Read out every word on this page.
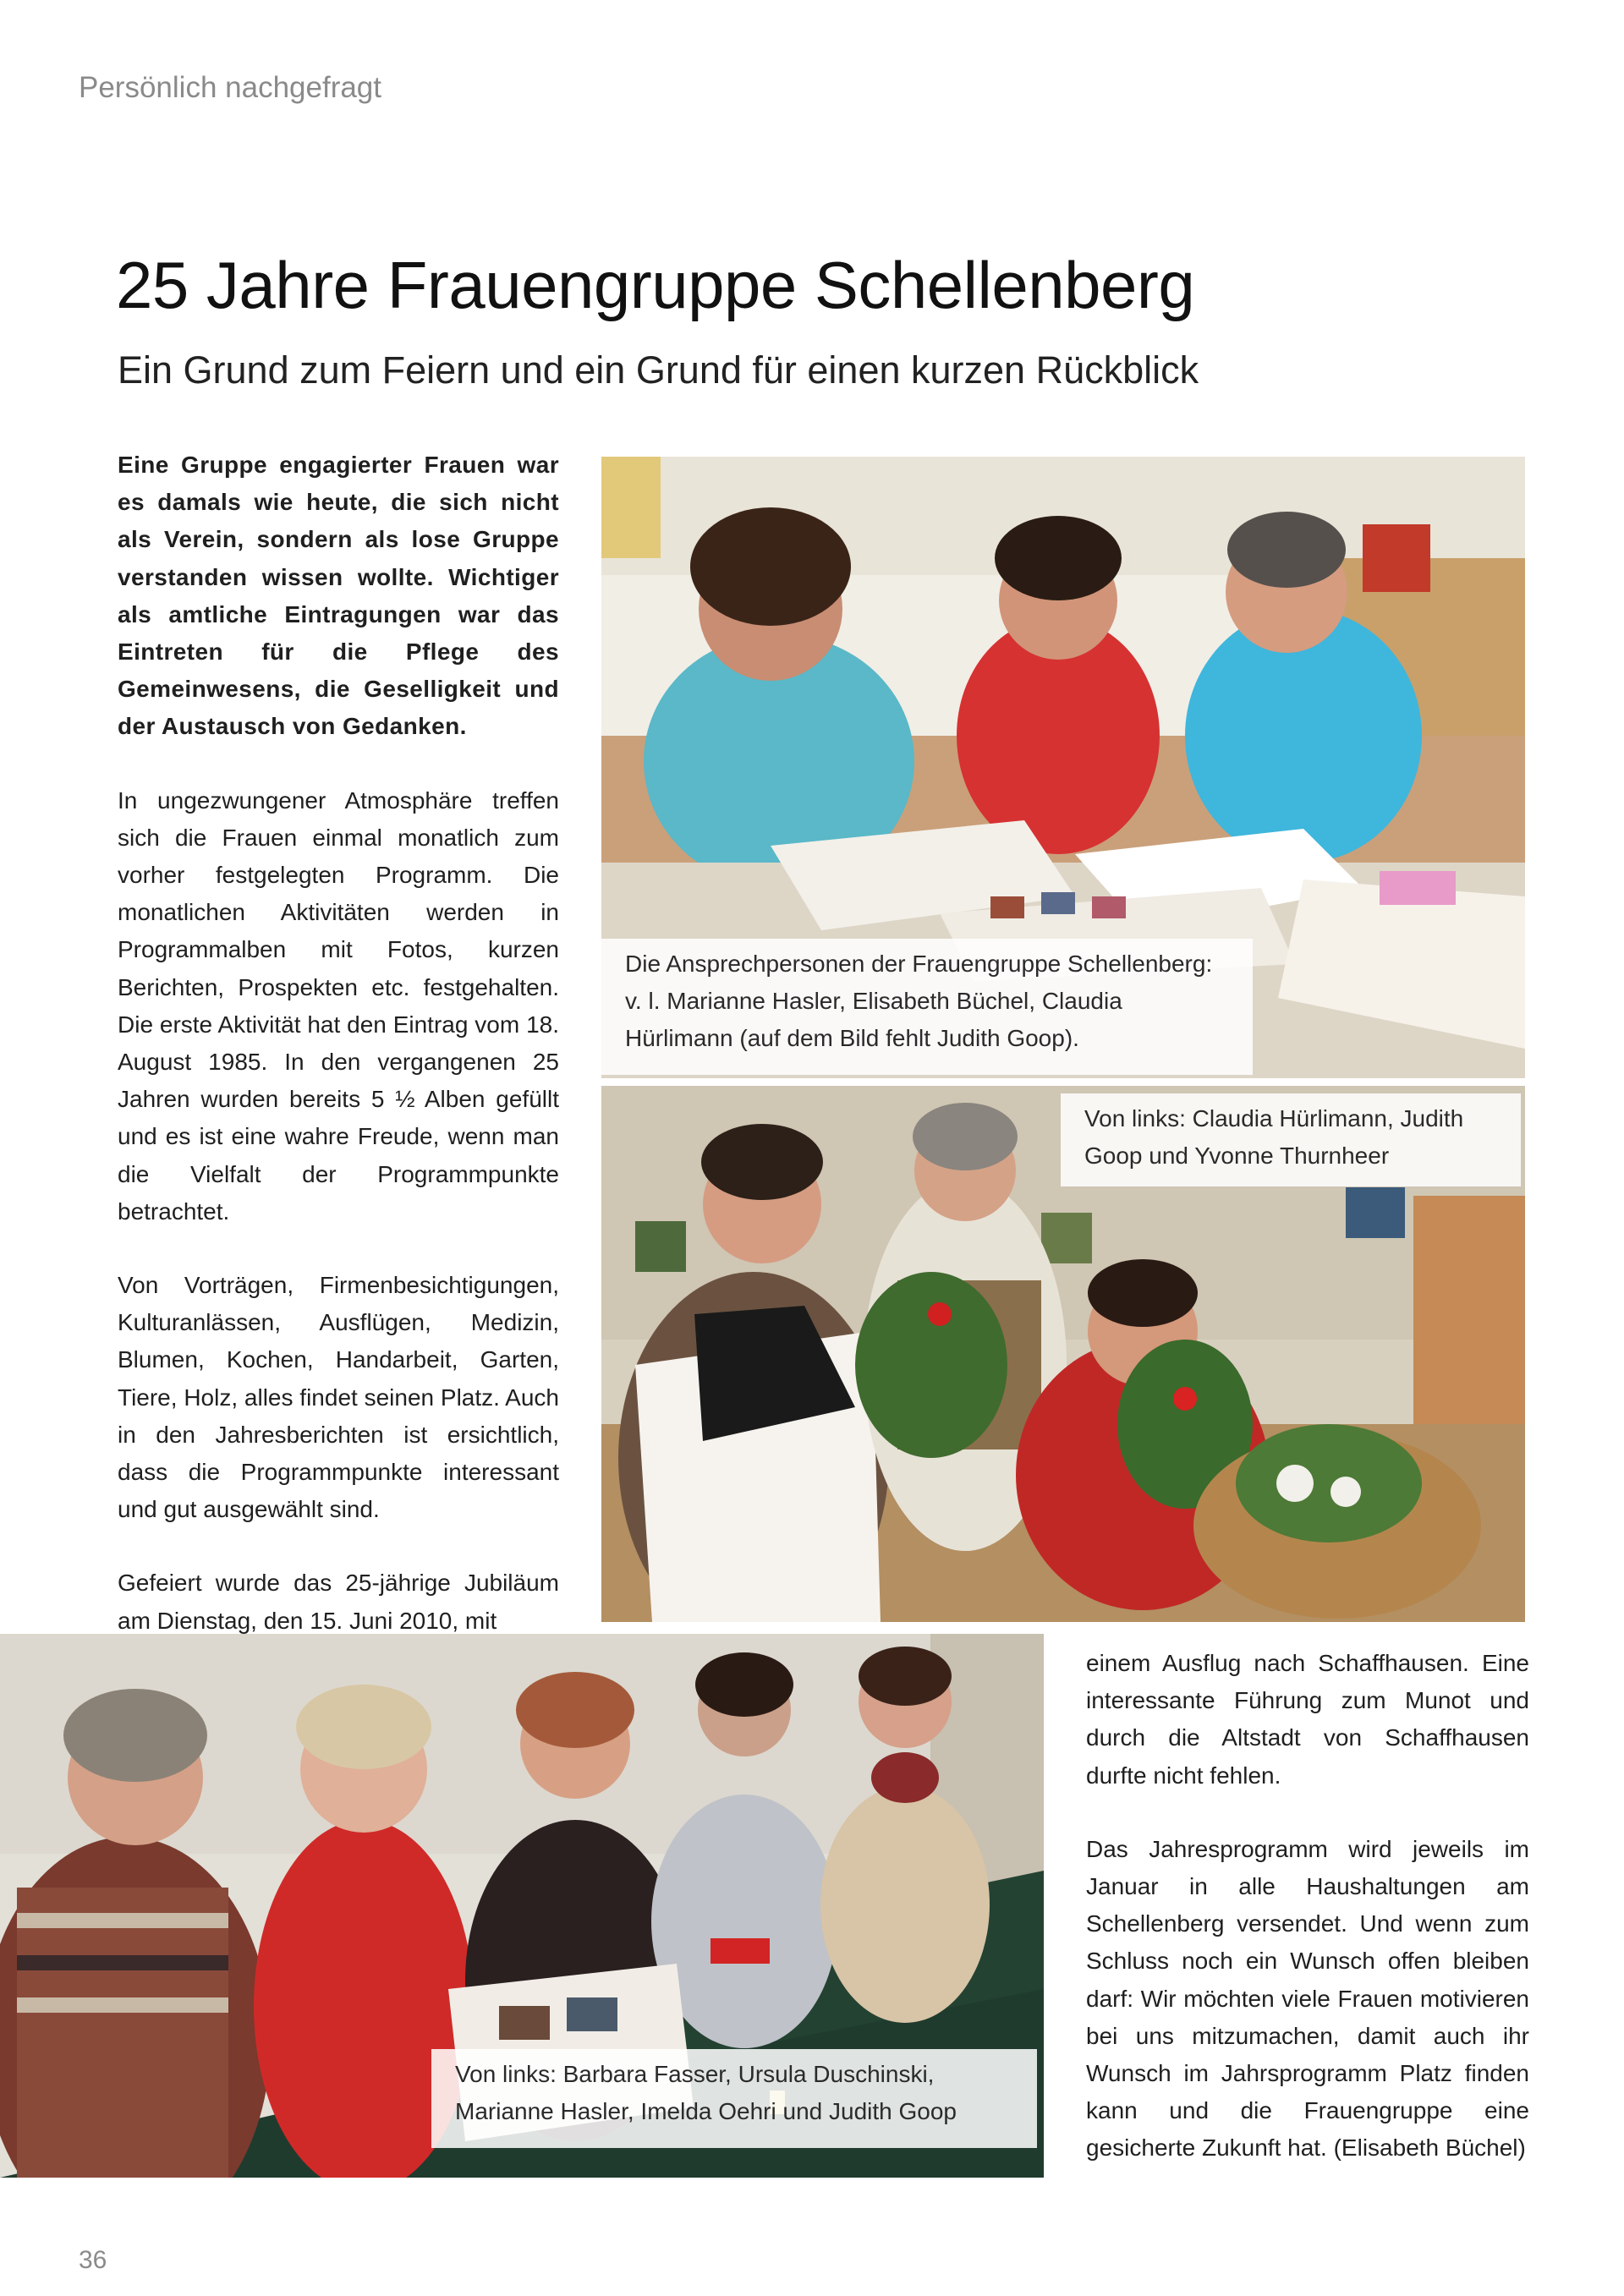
Persönlich nachgefragt
25 Jahre Frauengruppe Schellenberg
Ein Grund zum Feiern und ein Grund für einen kurzen Rückblick

Eine Gruppe engagierter Frauen war es damals wie heute, die sich nicht als Verein, sondern als lose Gruppe verstanden wissen wollte. Wichtiger als amtliche Eintragungen war das Eintreten für die Pflege des Gemeinwesens, die Geselligkeit und der Austausch von Gedanken.

In ungezwungener Atmosphäre treffen sich die Frauen einmal monatlich zum vorher festgelegten Programm. Die monatlichen Aktivitäten werden in Programmalben mit Fotos, kurzen Berichten, Prospekten etc. festgehalten. Die erste Aktivität hat den Eintrag vom 18. August 1985. In den vergangenen 25 Jahren wurden bereits 5 ½ Alben gefüllt und es ist eine wahre Freude, wenn man die Vielfalt der Programmpunkte betrachtet.

Von Vorträgen, Firmenbesichtigungen, Kulturanlässen, Ausflügen, Medizin, Blumen, Kochen, Handarbeit, Garten, Tiere, Holz, alles findet seinen Platz. Auch in den Jahresberichten ist ersichtlich, dass die Programmpunkte interessant und gut ausgewählt sind.

Gefeiert wurde das 25-jährige Jubiläum am Dienstag, den 15. Juni 2010, mit

einem Ausflug nach Schaffhausen. Eine interessante Führung zum Munot und durch die Altstadt von Schaffhausen durfte nicht fehlen.

Das Jahresprogramm wird jeweils im Januar in alle Haushaltungen am Schellenberg versendet. Und wenn zum Schluss noch ein Wunsch offen bleiben darf: Wir möchten viele Frauen motivieren bei uns mitzumachen, damit auch ihr Wunsch im Jahrsprogramm Platz finden kann und die Frauengruppe eine gesicherte Zukunft hat. (Elisabeth Büchel)

Die Ansprechpersonen der Frauengruppe Schellenberg: v. l. Marianne Hasler, Elisabeth Büchel, Claudia Hürlimann (auf dem Bild fehlt Judith Goop).
Von links: Claudia Hürlimann, Judith Goop und Yvonne Thurnheer
Von links: Barbara Fasser, Ursula Duschinski, Marianne Hasler, Imelda Oehri und Judith Goop
36
